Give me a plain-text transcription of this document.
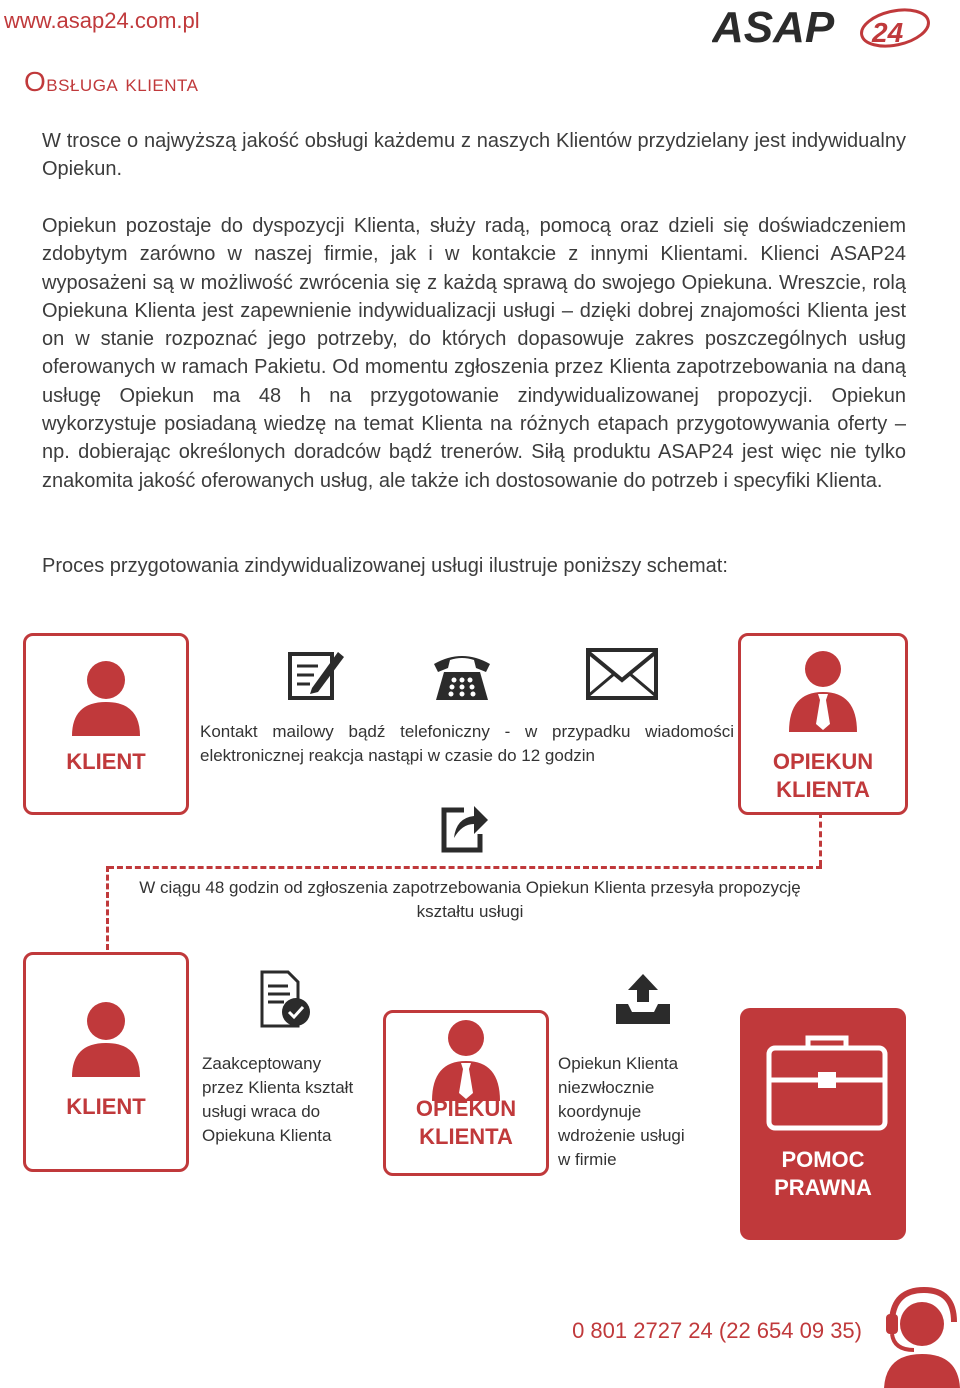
www.asap24.com.pl	ASAP 24
Obsługa klienta

W trosce o najwyższą jakość obsługi każdemu z naszych Klientów przydzielany jest indywidualny Opiekun.

Opiekun pozostaje do dyspozycji Klienta, służy radą, pomocą oraz dzieli się doświadczeniem zdobytym zarówno w naszej firmie, jak i w kontakcie z innymi Klientami. Klienci ASAP24 wyposażeni są w możliwość zwrócenia się z każdą sprawą do swojego Opiekuna. Wreszcie, rolą Opiekuna Klienta jest zapewnienie indywidualizacji usługi – dzięki dobrej znajomości Klienta jest on w stanie rozpoznać jego potrzeby, do których dopasowuje zakres poszczególnych usług oferowanych w ramach Pakietu. Od momentu zgłoszenia przez Klienta zapotrzebowania na daną usługę Opiekun ma 48 h na przygotowanie zindywidualizowanej propozycji. Opiekun wykorzystuje posiadaną wiedzę na temat Klienta na różnych etapach przygotowywania oferty – np. dobierając określonych doradców bądź trenerów. Siłą produktu ASAP24 jest więc nie tylko znakomita jakość oferowanych usług, ale także ich dostosowanie do potrzeb i specyfiki Klienta.

Proces przygotowania zindywidualizowanej usługi ilustruje poniższy schemat:

KLIENT	OPIEKUN
KLIENTA
Kontakt mailowy bądź telefoniczny - w przypadku wiadomości elektronicznej reakcja nastąpi w czasie do 12 godzin
W ciągu 48 godzin od zgłoszenia zapotrzebowania Opiekun Klienta przesyła propozycję kształtu usługi
KLIENT
Zaakceptowany
przez Klienta kształt
usługi wraca do
Opiekuna Klienta
OPIEKUN
KLIENTA
Opiekun Klienta
niezwłocznie
koordynuje
wdrożenie usługi
w firmie	POMOC
PRAWNA
0 801 2727 24 (22 654 09 35)
